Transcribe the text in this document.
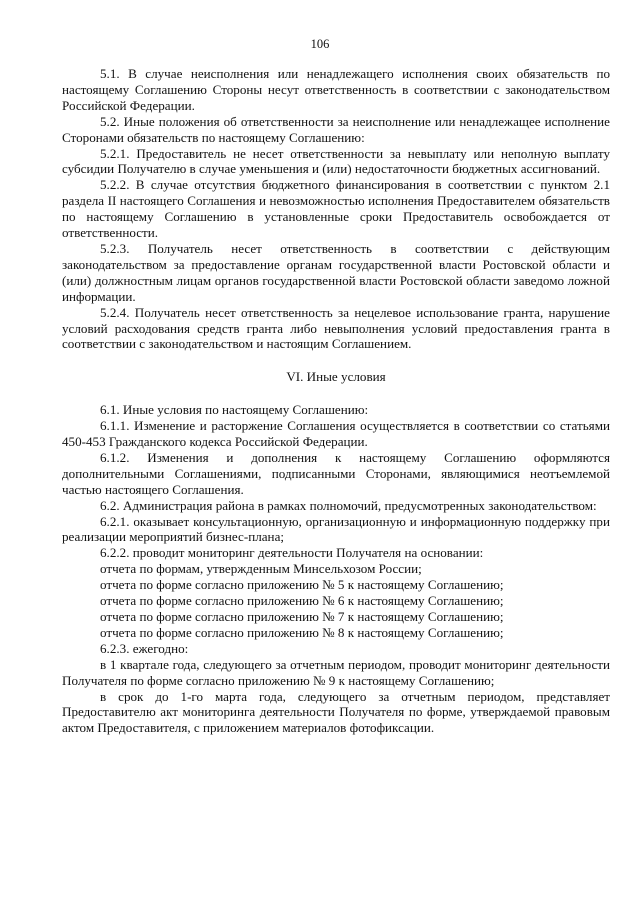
106

5.1. В случае неисполнения или ненадлежащего исполнения своих обязательств по настоящему Соглашению Стороны несут ответственность в соответствии с законодательством Российской Федерации.

5.2. Иные положения об ответственности за неисполнение или ненадлежащее исполнение Сторонами обязательств по настоящему Соглашению:

5.2.1. Предоставитель не несет ответственности за невыплату или неполную выплату субсидии Получателю в случае уменьшения и (или) недостаточности бюджетных ассигнований.

5.2.2. В случае отсутствия бюджетного финансирования в соответствии с пунктом 2.1 раздела II настоящего Соглашения и невозможностью исполнения Предоставителем обязательств по настоящему Соглашению в установленные сроки Предоставитель освобождается от ответственности.

5.2.3. Получатель несет ответственность в соответствии с действующим законодательством за предоставление органам государственной власти Ростовской области и (или) должностным лицам органов государственной власти Ростовской области заведомо ложной информации.

5.2.4. Получатель несет ответственность за нецелевое использование гранта, нарушение условий расходования средств гранта либо невыполнения условий предоставления гранта в соответствии с законодательством и настоящим Соглашением.

VI. Иные условия

6.1. Иные условия по настоящему Соглашению:

6.1.1. Изменение и расторжение Соглашения осуществляется в соответствии со статьями 450-453 Гражданского кодекса Российской Федерации.

6.1.2. Изменения и дополнения к настоящему Соглашению оформляются дополнительными Соглашениями, подписанными Сторонами, являющимися неотъемлемой частью настоящего Соглашения.

6.2. Администрация района в рамках полномочий, предусмотренных законодательством:

6.2.1. оказывает консультационную, организационную и информационную поддержку при реализации мероприятий бизнес-плана;

6.2.2. проводит мониторинг деятельности Получателя на основании:

отчета по формам, утвержденным Минсельхозом России;

отчета по форме согласно приложению № 5 к настоящему Соглашению;

отчета по форме согласно приложению № 6 к настоящему Соглашению;

отчета по форме согласно приложению № 7 к настоящему Соглашению;

отчета по форме согласно приложению № 8 к настоящему Соглашению;

6.2.3. ежегодно:

в 1 квартале года, следующего за отчетным периодом, проводит мониторинг деятельности Получателя по форме согласно приложению № 9 к настоящему Соглашению;

в срок до 1-го марта года, следующего за отчетным периодом, представляет Предоставителю акт мониторинга деятельности Получателя по форме, утверждаемой правовым актом Предоставителя, с приложением материалов фотофиксации.
